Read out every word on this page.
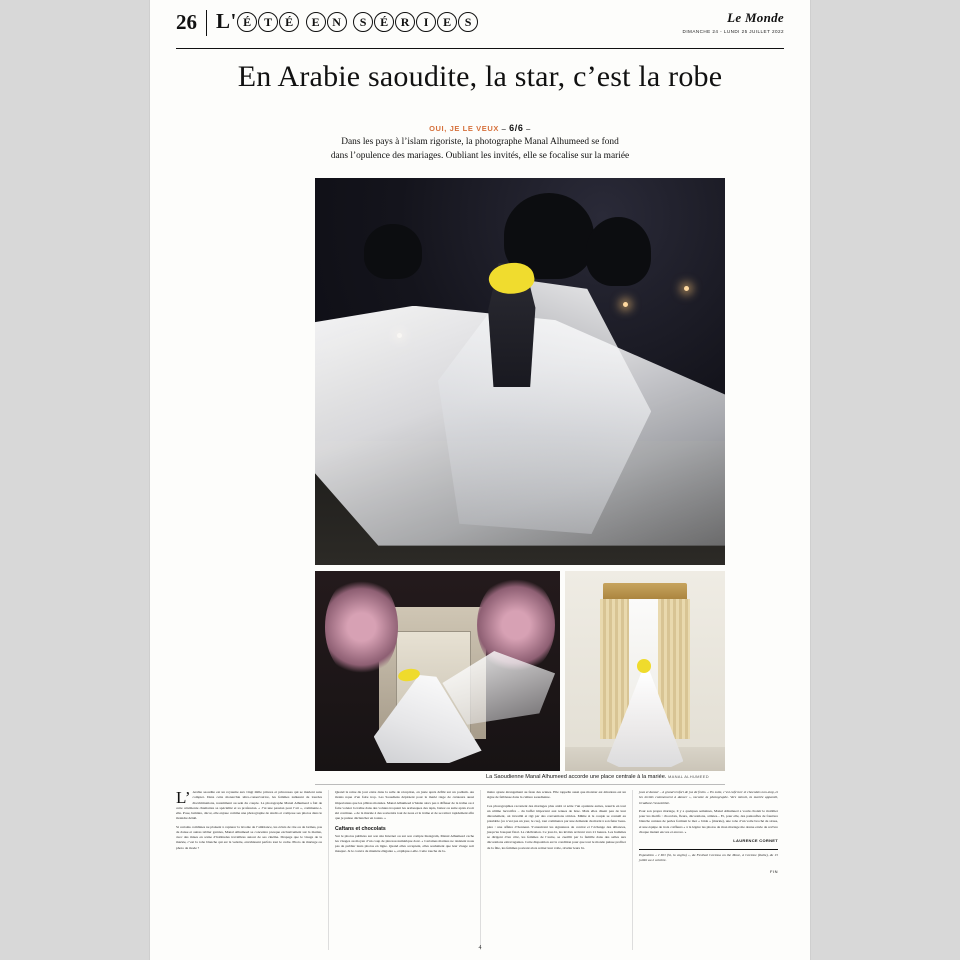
26 L' É T É E N S É R I E S	Le Monde
DIMANCHE 24 - LUNDI 25 JUILLET 2022
En Arabie saoudite, la star, c’est la robe
OUI, JE LE VEUX – 6/6 –
Dans les pays à l’islam rigoriste, la photographe Manal Alhumeed se fond
dans l’opulence des mariages. Oubliant les invités, elle se focalise sur la mariée
La Saoudienne Manal Alhumeed accorde une place centrale à la mariée. MANAL ALHUMEED

L’ Arabie saoudite est un royaume aux vingt mille princes et princesses qui se marient sans compter. Dans cette monarchie ultra-conservatrice, les femmes zulkeunt de lourdes discriminations, notamment au sein du couple. La photographe Manal Alhumeed a fait de cette cérémonie chamarrée sa spécialité et sa profession. « J’ai une passion pour l’art », commente-t-elle. Pose, lumière, décor, elle enjoue comme une photographe de studio et compose ses photos dans le moindre détail.

Si certains combines ne plaisent à capturer la lavolée de l’ambiance, les éclats de rire ou de larmes, pas de danse et autres tablier garnies, Manal Alhumeed se concentre presque exclusivement sur la mariée, avec des mises en scène d’habitudes travaillées autour de ses cinéma. Drapage que le visage de la mariée, c’est la robe blanche qui est la vedette, envahissant parfois tout le cadre. Photo de mariage ou photo de mode ?

Quand la reine du jour entre dans la salle de réception, en juste après défilé sur un podium. Au moins nque d’en faire trop. Les Saoudiens déploient pour la marié riage de créateurs aussi importantes que les plâtres montées. Manal Alhumeed n’hésite alors pas à diffuser de la traîne ou à faire voleter la traîne dans des volutes troquant les arabesques des tapis, battez ou suite après avoir été continue. « de la mariée à des souvenirs tout de nous et la traîne et de se retirer rapidement afin que je puisse déclencher en toutes. »

Caftans et chocolats

Sur le photos publiées sur son site Internet ou sur son compte Instagram, Manal Alhumeed cache les visages au moyen d’un coup de pinceau numérique doré. « Certaines mariées ne résistent nous pas de publier leurs photos en ligne. Quand elles acceptent, elles souhaitent que leur visage soit masqué. Je le couvre de manière élégante », explique-t-elle. Cette touche de la-

maire ajoute étrangement au faste des scènes. Elle rappelle aussi que montrer est émotions est un signe de faiblesse dans la culture saoudienne.

Ces photographies racontent des mariages plus arabi si série l’un opulente autres, nourris en tout un ultime lucratifve – du buffet important aux tenues de luxe. Mais elles disent peu de leur déroulement, où travaillé et rigi par des conventions strictes. Même si le couple se connaît au préalable (ce n’est pas un jour, le cas), tout commence par une demande du marié à son futur beau-père : une affaire d’honneur. S’ensuivent les signatures de contrat et l’échange des alliances, jusqu’au bouquet final. La célébration. Ce jour-là, les invités arrivent vers 21 heures. Les hommes se dirigent d’un côté, les femmes de l’autre, se cueillir par la famille dans des salles aux décorations extravagantes. Cette disposition est la condition pour que tout le monde puisse profiter de la fête, les femmes pouvant alors retirer leur voile, révéler leurs bi-

joux et danser – à grand renfort de jus de fruits. « En suite, c’est café turc et chocolats non-stop, et les invités commencent à danser », raconte la photographe. Vers minuit, la mariée apparaît, irradiant l’assemblée.

Pour son propre mariage, il y a quelques semaines, Manal Alhumeed a voulu choisir le mobilier pour les motifs : chocolats, fleurs, décorations, artistes... Et, pour elle, des pantoufles de fourrure blanche cernées de perles formant le mot « bride » (mariée), une robe d’un voile broché de strass, et une équipe de trois coiffeurs « à la légère les photos de mon mariage me donne envie de revivre chaque instant encore et encore. »

LAURENCE CORNET

Exposition « I DO (Si, lo voglio) », du Festival Cortona on the Move, à Cortone (Italie), du 15 juillet au 2 octobre.

FIN
4
